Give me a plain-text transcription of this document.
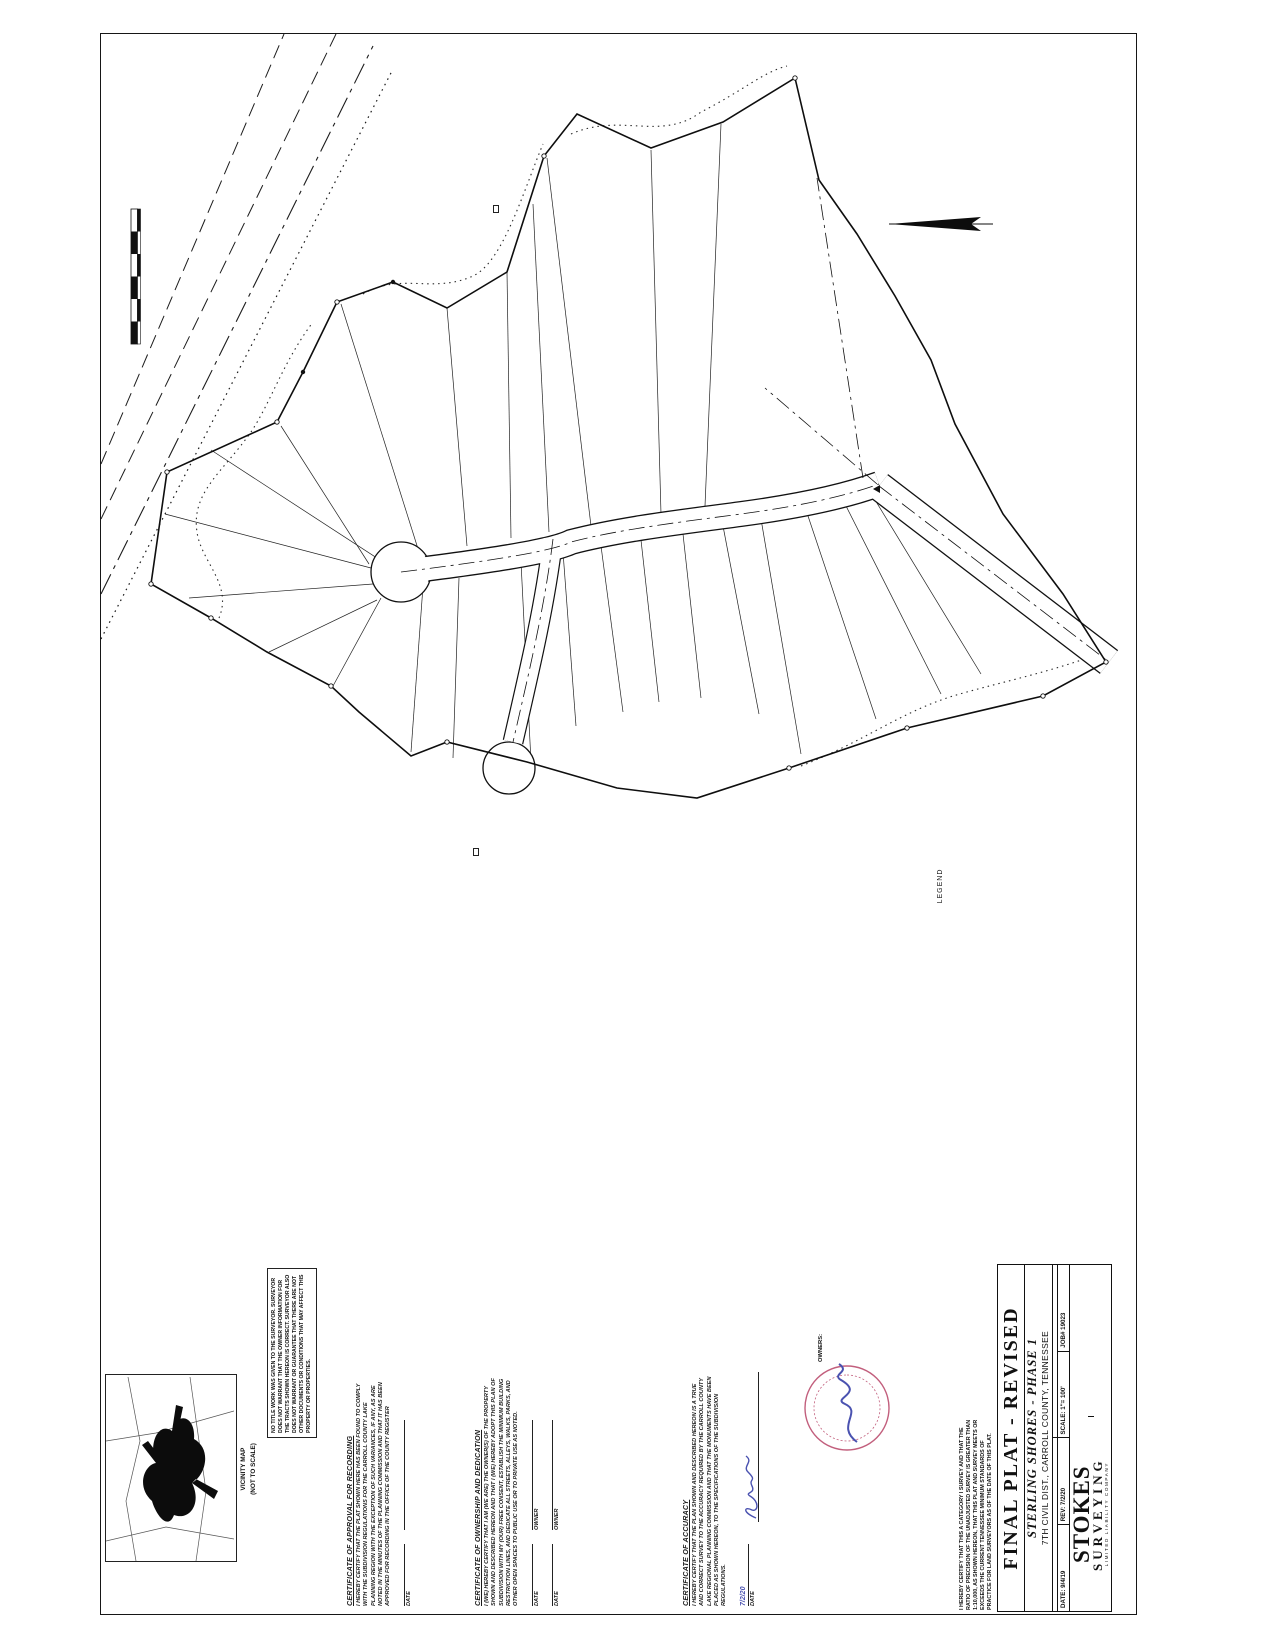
LEGEND
VICINITY MAP (NOT TO SCALE)
NO TITLE WORK WAS GIVEN TO THE SURVEYOR. SURVEYOR DOES NOT WARRANT THAT THE OWNER INFORMATION FOR THE TRACTS SHOWN HEREON IS CORRECT. SURVEYOR ALSO DOES NOT WARRANT OR GUARANTEE THAT THERE ARE NOT OTHER DOCUMENTS OR CONDITIONS THAT MAY AFFECT THIS PROPERTY OR PROPERTIES.
CERTIFICATE OF APPROVAL FOR RECORDING I HEREBY CERTIFY THAT THE PLAT SHOWN HERE HAS BEEN FOUND TO COMPLY WITH THE SUBDIVISION REGULATIONS FOR THE CARROLL COUNTY LAKE PLANNING REGION WITH THE EXCEPTION OF SUCH VARIANCES, IF ANY, AS ARE NOTED IN THE MINUTES OF THE PLANNING COMMISSION AND THAT IT HAS BEEN APPROVED FOR RECORDING IN THE OFFICE OF THE COUNTY REGISTER	DATE	CERTIFICATE OF OWNERSHIP AND DEDICATION I (WE) HEREBY CERTIFY THAT I AM (WE ARE) THE OWNER(S) OF THE PROPERTY SHOWN AND DESCRIBED HEREON AND THAT I (WE) HEREBY ADOPT THIS PLAN OF SUBDIVISION WITH MY (OUR) FREE CONSENT, ESTABLISH THE MINIMUM BUILDING RESTRICTION LINES, AND DEDICATE ALL STREETS, ALLEYS, WALKS, PARKS, AND OTHER OPEN SPACES TO PUBLIC USE OR TO PRIVATE USE AS NOTED.	DATE
OWNER
DATE
OWNER	CERTIFICATE OF ACCURACY I HEREBY CERTIFY THAT THE PLAN SHOWN AND DESCRIBED HEREON IS A TRUE AND CORRECT SURVEY TO THE ACCURACY REQUIRED BY THE CARROLL COUNTY LAKE REGIONAL PLANNING COMMISSION AND THAT THE MONUMENTS HAVE BEEN PLACED AS SHOWN HEREON, TO THE SPECIFICATIONS OF THE SUBDIVISION REGULATIONS. 7/2/20 DATE
OWNERS:
I HEREBY CERTIFY THAT THIS A CATEGORY I SURVEY AND THAT THE RATIO OF PRECISION OF THE UNADJUSTED SURVEY IS GREATER THAN 1:10,000, AS SHOWN HEREON, THAT THIS PLAT AND SURVEY MEETS OR EXCEEDS THE CURRENT TENNESSEE MINIMUM STANDARDS OF PRACTICE FOR LAND SURVEYORS AS OF THE DATE OF THIS PLAT. FINAL PLAT - REVISED STERLING SHORES - PHASE 1 7TH CIVIL DIST., CARROLL COUNTY, TENNESSEE
DATE: 9/4/19
REV: 7/2/20
SCALE: 1"= 100'
JOB# 19023
STOKES
SURVEYING LIMITED LIABILITY COMPANY
